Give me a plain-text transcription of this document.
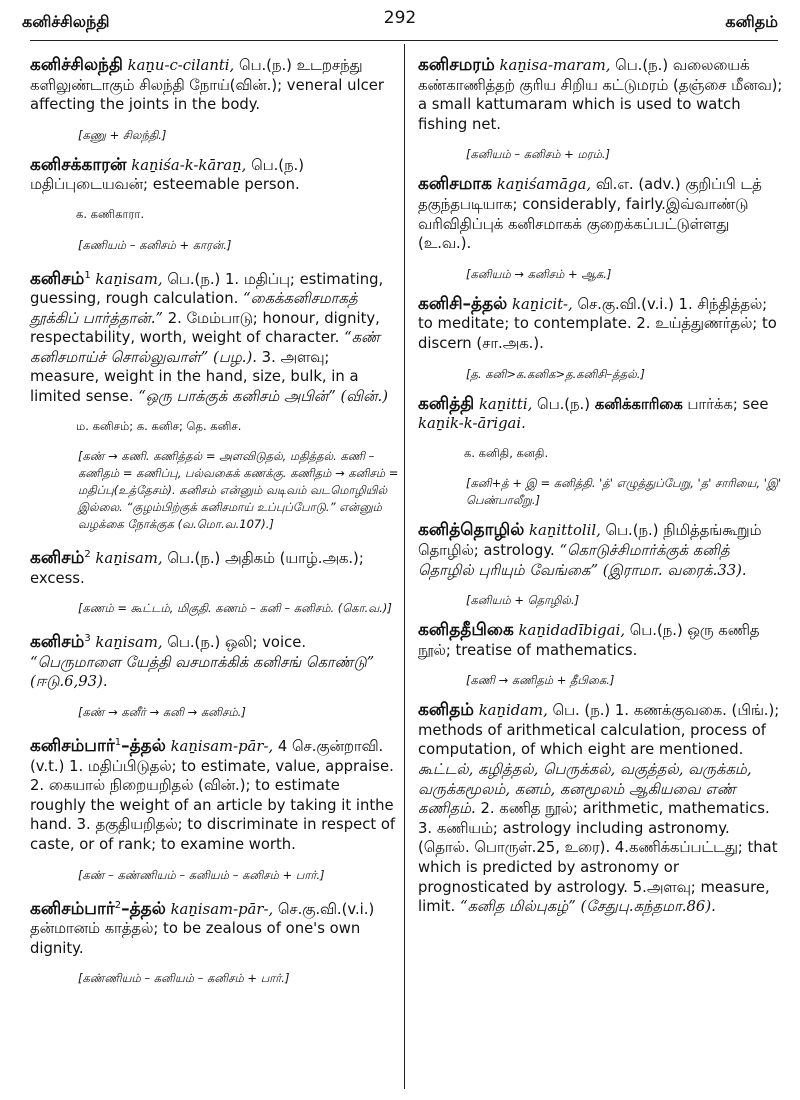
கனிச்சிலந்தி	292	கனிதம்

கனிச்சிலந்தி kaṉu-c-cilanti, பெ.(ந.) உடறசந்து களிலுண்டாகும் சிலந்தி நோய்(வின்.); veneral ulcer affecting the joints in the body.

[கணு + சிலந்தி.]

கனிசக்காரன் kaṉiśa-k-kāraṉ, பெ.(ந.) மதிப்புடையவன்; esteemable person.

க. கணிகாரா.
[கணியம் – கனிசம் + காரன்.]

கனிசம்$^1$ kaṉisam, பெ.(ந.) 1. மதிப்பு; estimating, guessing, rough calculation. “கைக்கனிசமாகத் தூக்கிப் பார்த்தான்.” 2. மேம்பாடு; honour, dignity, respectability, worth, weight of character. “கண் கனிசமாய்ச் சொல்லுவாள்” (பழ.). 3. அளவு; measure, weight in the hand, size, bulk, in a limited sense. “ஒரு பாக்குக் கனிசம் அபின்” (வின்.)

ம. கனிசம்; க. கனிச; தெ. கனிச.
[கண் → கணி. கணித்தல் = அளவிடுதல், மதித்தல். கணி – கணிதம் = கணிப்பு, பல்வகைக் கணக்கு. கணிதம் → கனிசம் = மதிப்பு(உத்தேசம்). கனிசம் என்னும் வடிவம் வடமொழியில் இல்லை. “குழம்பிற்குக் கனிசமாய் உப்புப்போடு.” என்னும் வழக்கை நோக்குக (வ.மொ.வ.107).]

கனிசம்$^2$ kaṉisam, பெ.(ந.) அதிகம் (யாழ்.அக.); excess.

[கணம் = கூட்டம், மிகுதி. கணம் – கனி – கனிசம். (கொ.வ.)]

கனிசம்$^3$ kaṉisam, பெ.(ந.) ஒலி; voice. “பெருமாளை யேத்தி வசமாக்கிக் கனிசங் கொண்டு” (ஈடு.6,93).

[கண் → கனீர் → கனி → கனிசம்.]

கனிசம்பார்$^1$–த்தல் kaṉisam-pār-, 4 செ.குன்றாவி. (v.t.) 1. மதிப்பிடுதல்; to estimate, value, appraise. 2. கையால் நிறையறிதல் (வின்.); to estimate roughly the weight of an article by taking it inthe hand. 3. தகுதியறிதல்; to discriminate in respect of caste, or of rank; to examine worth.

[கண் – கண்ணியம் – கனியம் – கனிசம் + பார்.]

கனிசம்பார்$^2$–த்தல் kaṉisam-pār-, செ.கு.வி.(v.i.) தன்மானம் காத்தல்; to be zealous of one's own dignity.

[கண்ணியம் – கனியம் – கனிசம் + பார்.]

கனிசமரம் kaṉisa-maram, பெ.(ந.) வலையைக் கண்காணித்தற் குரிய சிறிய கட்டுமரம் (தஞ்சை மீனவ); a small kattumaram which is used to watch fishing net.

[கனியம் – கனிசம் + மரம்.]

கனிசமாக kaṉiśamāga, வி.எ. (adv.) குறிப்பி டத் தகுந்தபடியாக; considerably, fairly.இவ்வாண்டு வரிவிதிப்புக் கனிசமாகக் குறைக்கப்பட்டுள்ளது (உ.வ.).

[கனியம் → கனிசம் + ஆக.]

கனிசி–த்தல் kaṉicit-, செ.கு.வி.(v.i.) 1. சிந்தித்தல்; to meditate; to contemplate. 2. உய்த்துணர்தல்; to discern (சா.அக.).

[த. கனி>க.கனிக>த.கனிசி–த்தல்.]

கனித்தி kaṉitti, பெ.(ந.) கனிக்காரிகை பார்க்க; see kaṉik-k-ārigai.

க. கனிதி, கனதி.
[கனி+த் + இ = கனித்தி. 'த்' எழுத்துப்பேறு, 'த' சாரியை, 'இ' பெண்பாலீறு.]

கனித்தொழில் kaṉittolil, பெ.(ந.) நிமித்தங்கூறும் தொழில்; astrology. “கொடுச்சிமார்க்குக் கனித் தொழில் புரியும் வேங்கை” (இராமா. வரைக்.33).

[கனியம் + தொழில்.]

கனிததீபிகை kaṉidadībigai, பெ.(ந.) ஒரு கணித நூல்; treatise of mathematics.

[கணி → கணிதம் + தீபிகை.]

கனிதம் kaṉidam, பெ. (ந.) 1. கணக்குவகை. (பிங்.); methods of arithmetical calculation, process of computation, of which eight are mentioned. கூட்டல், கழித்தல், பெருக்கல், வகுத்தல், வருக்கம், வருக்கமூலம், கனம், கனமூலம் ஆகியவை எண் கணிதம். 2. கணித நூல்; arithmetic, mathematics. 3. கணியம்; astrology including astronomy. (தொல். பொருள்.25, உரை). 4.கணிக்கப்பட்டது; that which is predicted by astronomy or prognosticated by astrology. 5.அளவு; measure, limit. “கனித மில்புகழ்” (சேதுபு.கந்தமா.86).
